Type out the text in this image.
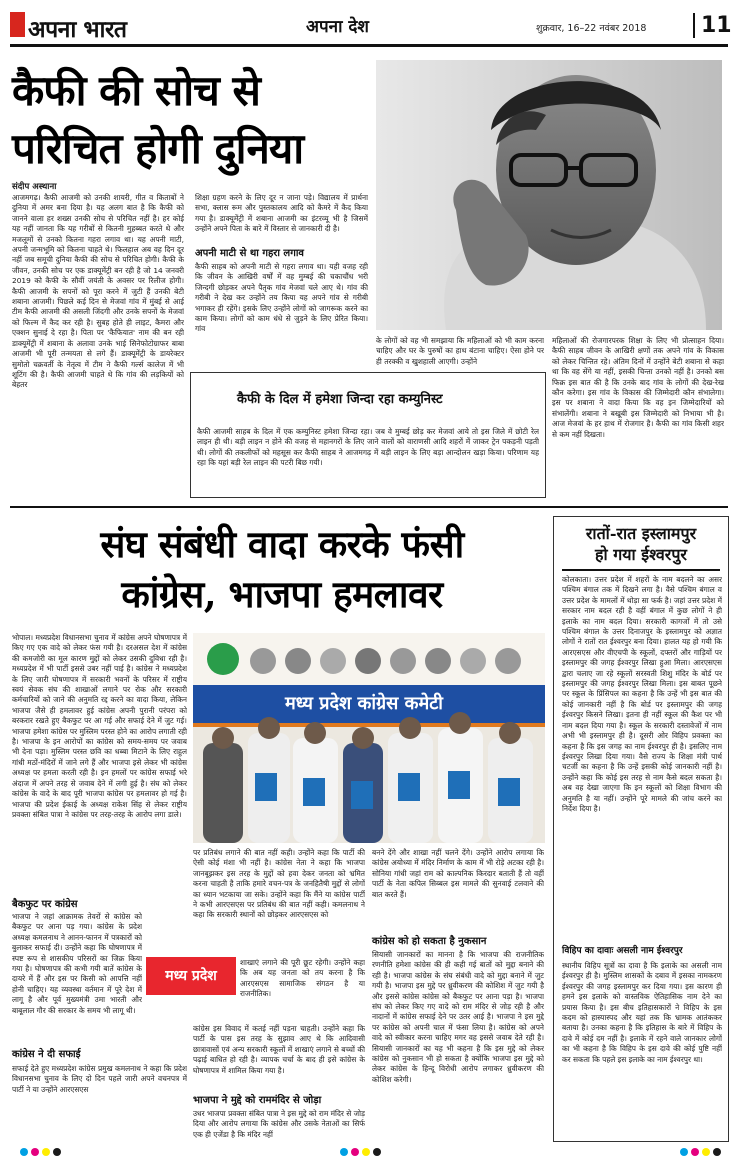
अपना भारत	अपना देश	शुक्रवार, 16–22 नवंबर 2018	11
कैफी की सोच से
परिचित होगी दुनिया
संदीप अस्थाना
आजमगढ़। कैफी आजमी को उनकी शायरी, गीत व किताबों ने दुनिया में अमर बना दिया है। यह अलग बात है कि कैफी को जानने वाला हर शख्स उनकी सोच से परिचित नहीं है। हर कोई यह नहीं जानता कि यह गरीबों से कितनी मुहब्बत करते थे और मजलूमों से उनको कितना गहरा लगाव था। यह अपनी माटी, अपनी जन्मभूमि को कितना चाहते थे। फिलहाल अब वह दिन दूर नहीं जब समूची दुनिया कैफी की सोच से परिचित होगी। कैफी के जीवन, उनकी सोच पर एक डाक्यूमेंट्री बन रही है जो 14 जनवरी 2019 को कैफी के सौवीं जयंती के अवसर पर रिलीज होगी। कैफी आजमी के सपनों को पूरा करने में जुटी हैं उनकी बेटी शबाना आजमी। पिछले कई दिन से मेजवां गांव में मुंबई से आई टीम कैफी आजमी की असली जिंदगी और उनके सपनों के मेजवां को फिल्म में कैद कर रही है। सुबह होते ही लाइट, कैमरा और एक्शन सुनाई दे रहा है। पिता पर 'कैफियात' नाम की बन रही डाक्यूमेंट्री में शबाना के अलावा उनके भाई सिनेफोटोग्राफर बाबा आजमी भी पूरी तन्मयता से लगे हैं। डाक्यूमेंट्री के डायरेक्टर सुमोतो चक्रवर्ती के नेतृत्व में टीम ने कैफी गर्ल्स कालेज में भी शूटिंग की है। कैफी आजमी चाहते थे कि गांव की लड़कियों को बेहतर
शिक्षा ग्रहण करने के लिए दूर न जाना पड़े। विद्यालय में प्रार्थना सभा, क्लास रूम और पुस्तकालय आदि को कैमरे में कैद किया गया है। डाक्यूमेंट्री में शबाना आजमी का इंटरव्यू भी है जिसमें उन्होंने अपने पिता के बारे में विस्तार से जानकारी दी है।
अपनी माटी से था गहरा लगाव
कैफी साहब को अपनी माटी से गहरा लगाव था। यही वजह रही कि जीवन के आखिरी वर्षों में वह मुम्बई की चकाचौंध भरी जिन्दगी छोड़कर अपने पैतृक गांव मेजवां चले आए थे। गांव की गरीबी ने देख कर उन्होंने तय किया यह अपने गांव से गरीबी भगाकर ही रहेंगे। इसके लिए उन्होंने लोगों को जागरूक करने का काम किया। लोगों को काम धंधे से जुड़ने के लिए प्रेरित किया। गांव
के लोगों को वह भी समझाया कि महिलाओं को भी काम करना चाहिए और घर के पुरुषों का हाथ बंटाना चाहिए। ऐसा होने पर ही तरक्की व खुशहाली आएगी। उन्होंने
महिलाओं की रोजगारपरक शिक्षा के लिए भी प्रोत्साहन दिया। कैफी साहब जीवन के आखिरी क्षणों तक अपने गांव के विकास को लेकर चिन्तित रहे। अंतिम दिनों में उन्होंने बेटी शबाना से कहा था कि वह सेंगे या नहीं, इसकी चिन्ता उनको नहीं है। उनको बस फिक्र इस बात की है कि उनके बाद गांव के लोगों की देख-रेख कौन करेगा। इस गांव के विकास की जिम्मेदारी कौन संभालेगा। इस पर शबाना ने वादा किया कि वह इन जिम्मेदारियों को संभालेंगी। शबाना ने बखूबी इस जिम्मेदारी को निभाया भी है। आज मेजवां के हर हाथ में रोजगार है। कैफी का गांव किसी शहर से कम नहीं दिखता।
कैफी के दिल में हमेशा जिन्दा रहा कम्युनिस्ट
कैफी आजमी साहब के दिल में एक कम्युनिस्ट हमेशा जिन्दा रहा। जब वे मुम्बई छोड़ कर मेजवां आये तो इस जिले में छोटी रेल लाइन ही थी। बड़ी लाइन न होने की वजह से महानगरों के लिए जाने वालों को वाराणसी आदि शहरों में जाकर ट्रेन पकड़नी पड़ती थी। लोगों की तकलीफों को महसूस कर कैफी साहब ने आजमगढ़ में बड़ी लाइन के लिए बड़ा आन्दोलन खड़ा किया। परिणाम यह रहा कि यहां बड़ी रेल लाइन की पटरी बिछ गयी।
संघ संबंधी वादा करके फंसी
कांग्रेस, भाजपा हमलावर
भोपाल। मध्यप्रदेश विधानसभा चुनाव में कांग्रेस अपने घोषणापत्र में किए गए एक वादे को लेकर फंस गयी है। दरअसल देश में कांग्रेस की कमजोरी का मूल कारण मुद्दों को लेकर उसकी दुविधा रही है। मध्यप्रदेश में भी पार्टी इससे उबर नहीं पाई है। कांग्रेस ने मध्यप्रदेश के लिए जारी घोषणापत्र में सरकारी भवनों के परिसर में राष्ट्रीय स्वयं सेवक संघ की शाखाओं लगाने पर रोक और सरकारी कर्मचारियों को जाने की अनुमति रद्द करने का वादा किया, लेकिन भाजपा जैसे ही हमलावर हुई कांग्रेस अपनी पुरानी परंपरा को बरकरार रखते हुए बैकफुट पर आ गई और सफाई देने में जुट गई। भाजपा हमेशा कांग्रेस पर मुस्लिम परस्त होने का आरोप लगाती रही है। भाजपा के इन आरोपों का कांग्रेस को समय-समय पर जवाब भी देना पड़ा। मुस्लिम परस्त छवि का धब्बा मिटाने के लिए राहुल गांधी मठों-मंदिरों में जाने लगे हैं और भाजपा इसे लेकर भी कांग्रेस अध्यक्ष पर हमला करती रही है। इन हमलों पर कांग्रेस सफाई भरे अंदाज में अपने तरह से जवाब देने में लगी हुई है। संघ को लेकर कांग्रेस के वादे के बाद पूरी भाजपा कांग्रेस पर हमलावर हो गई है। भाजपा की प्रदेश ईकाई के अध्यक्ष राकेश सिंह से लेकर राष्ट्रीय प्रवक्ता संबित पात्रा ने कांग्रेस पर तरह-तरह के आरोप लगा डाले।
बैकफुट पर कांग्रेस
भाजपा ने जहां आक्रामक तेवरों से कांग्रेस को बैकफुट पर आना पड़ गया। कांग्रेस के प्रदेश अध्यक्ष कमलनाथ ने आनन-फानन में पत्रकारों को बुलाकर सफाई दी। उन्होंने कहा कि घोषणापत्र में स्पष्ट रूप से शासकीय परिसरों का जिक्र किया गया है। घोषणापत्र की कभी गयी बातें कांग्रेस के दायरे में हैं और इस पर किसी को आपत्ति नहीं होनी चाहिए। यह व्यवस्था वर्तमान में पूरे देश में लागू है और पूर्व मुख्यमंत्री उमा भारती और बाबूलाल गौर की सरकार के समय भी लागू थी।
कांग्रेस ने दी सफाई
सफाई देते हुए मध्यप्रदेश कांग्रेस प्रमुख कमलनाथ ने कहा कि प्रदेश विधानसभा चुनाव के लिए दो दिन पहले जारी अपने वचनपत्र में पार्टी ने या उन्होंने आरएसएस
मध्य प्रदेश कांग्रेस कमेटी
पर प्रतिबंध लगाने की बात नहीं कही। उन्होंने कहा कि पार्टी की ऐसी कोई मंशा भी नहीं है। कांग्रेस नेता ने कहा कि भाजपा जानबूझकर इस तरह के मुद्दों को हवा देकर जनता को भ्रमित करना चाहती है ताकि हमारे वचन-पत्र के जनहितैषी मुद्दों से लोगों का ध्यान भटकाया जा सके। उन्होंने कहा कि मैंने या कांग्रेस पार्टी ने कभी आरएसएस पर प्रतिबंध की बात नहीं कही। कमलनाथ ने कहा कि सरकारी स्थानों को छोड़कर आरएसएस को
मध्य प्रदेश
शाखाएं लगाने की पूरी छूट रहेगी। उन्होंने कहा कि अब यह जनता को तय करना है कि आरएसएस सामाजिक संगठन है या राजनीतिक।
कांग्रेस इस विवाद में कतई नहीं पड़ना चाहती। उन्होंने कहा कि पार्टी के पास इस तरह के सुझाव आए थे कि आदिवासी छात्रावासों एवं अन्य सरकारी स्कूलों में शाखाएं लगाने से बच्चों की पढ़ाई बाधित हो रही है। व्यापक चर्चा के बाद ही इसे कांग्रेस के घोषणापत्र में शामिल किया गया है।
भाजपा ने मुद्दे को राममंदिर से जोड़ा
उधर भाजपा प्रवक्ता संबित पात्रा ने इस मुद्दे को राम मंदिर से जोड़ दिया और आरोप लगाया कि कांग्रेस और उसके नेताओं का सिर्फ एक ही एजेंडा है कि मंदिर नहीं
बनने देंगे और शाखा नहीं चलने देंगे। उन्होंने आरोप लगाया कि कांग्रेस अयोध्या में मंदिर निर्माण के काम में भी रोड़े अटका रही है। सोनिया गांधी जहां राम को काल्पनिक किरदार बताती हैं तो वहीं पार्टी के नेता कपिल सिब्बल इस मामले की सुनवाई टलवाने की बात करते हैं।
कांग्रेस को हो सकता है नुकसान
सियासी जानकारों का मानना है कि भाजपा की राजनीतिक रणनीति हमेशा कांग्रेस की ही कही गई बातों को मुद्दा बनाने की रही है। भाजपा कांग्रेस के संघ संबंधी वादे को मुद्दा बनाने में जुट गयी है। भाजपा इस मुद्दे पर ध्रुवीकरण की कोशिश में जुट गयी है और इससे कांग्रेस कांग्रेस को बैकफुट पर आना पड़ा है। भाजपा संघ को लेकर किए गए वादे को राम मंदिर से जोड़ रही है और नादानों में कांग्रेस सफाई देने पर उतर आई है। भाजपा ने इस मुद्दे पर कांग्रेस को अपनी चाल में फंसा लिया है। कांग्रेस को अपने वादे को स्वीकार करना चाहिए मगर वह इससे जवाब देते रही है। सियासी जानकारों का यह भी कहना है कि इस मुद्दे को लेकर कांग्रेस को नुकसान भी हो सकता है क्योंकि भाजपा इस मुद्दे को लेकर कांग्रेस के हिन्दू विरोधी आरोप लगाकर ध्रुवीकरण की कोशिश करेगी।
रातों-रात इस्लामपुर
हो गया ईश्वरपुर
कोलकाता। उत्तर प्रदेश में शहरों के नाम बदलने का असर पश्चिम बंगाल तक में दिखने लगा है। वैसे पश्चिम बंगाल व उत्तर प्रदेश के मामलों में थोड़ा सा फर्क है। जहां उत्तर प्रदेश में सरकार नाम बदल रही है वहीं बंगाल में कुछ लोगों ने ही इलाके का नाम बदल दिया। सरकारी कागजों में तो उसे पश्चिम बंगाल के उत्तर दिनाजपुर के इस्लामपुर को अज्ञात लोगों ने रातों रात ईश्वरपुर बना दिया। हालत यह हो गयी कि आरएसएस और वीएचपी के स्कूलों, दफ्तरों और गाड़ियों पर इस्लामपुर की जगह ईश्वरपुर लिखा हुआ मिला। आरएसएस द्वारा चलाए जा रहे स्कूलों सरस्वती शिशु मंदिर के बोर्ड पर इस्लामपुर की जगह ईश्वरपुर लिखा मिला। इस बाबत पूछने पर स्कूल के प्रिंसिपल का कहना है कि उन्हें भी इस बात की कोई जानकारी नहीं है कि बोर्ड पर इस्लामपुर की जगह ईश्वरपुर किसने लिखा। इतना ही नहीं स्कूल की कैश पर भी नाम बदल दिया गया है। स्कूल के सरकारी दस्तावेजों में नाम अभी भी इस्लामपुर ही है। दूसरी ओर विहिप प्रवक्ता का कहना है कि इस जगह का नाम ईश्वरपुर ही है। इसलिए नाम ईश्वरपुर लिखा दिया गया। वैसे राज्य के शिक्षा मंत्री पार्थ चटर्जी का कहना है कि उन्हें इसकी कोई जानकारी नहीं है। उन्होंने कहा कि कोई इस तरह से नाम कैसे बदल सकता है। अब वह देखा जाएगा कि इन स्कूलों को शिक्षा विभाग की अनुमति है या नहीं। उन्होंने पूरे मामले की जांच करने का निर्देश दिया है।
विहिप का दावाः असली नाम ईश्वरपुर
स्थानीय विहिप सूत्रों का दावा है कि इलाके का असली नाम ईश्वरपुर ही है। मुस्लिम शासकों के दबाव में इसका नामकरण ईश्वरपुर की जगह इस्लामपुर कर दिया गया। इस कारण ही हमने इस इलाके को वास्तविक ऐतिहासिक नाम देने का प्रयास किया है। इस बीच इतिहासकारों ने विहिप के इस कदम को हास्यास्पद और यहां तक कि भ्रामक आतंककर बताया है। उनका कहना है कि इतिहास के बारे में विहिप के दावे में कोई दम नहीं है। इलाके में रहने वाले जानकार लोगों का भी कहना है कि विहिप के इस दावे की कोई पुष्टि नहीं कर सकता कि पहले इस इलाके का नाम ईश्वरपुर था।
